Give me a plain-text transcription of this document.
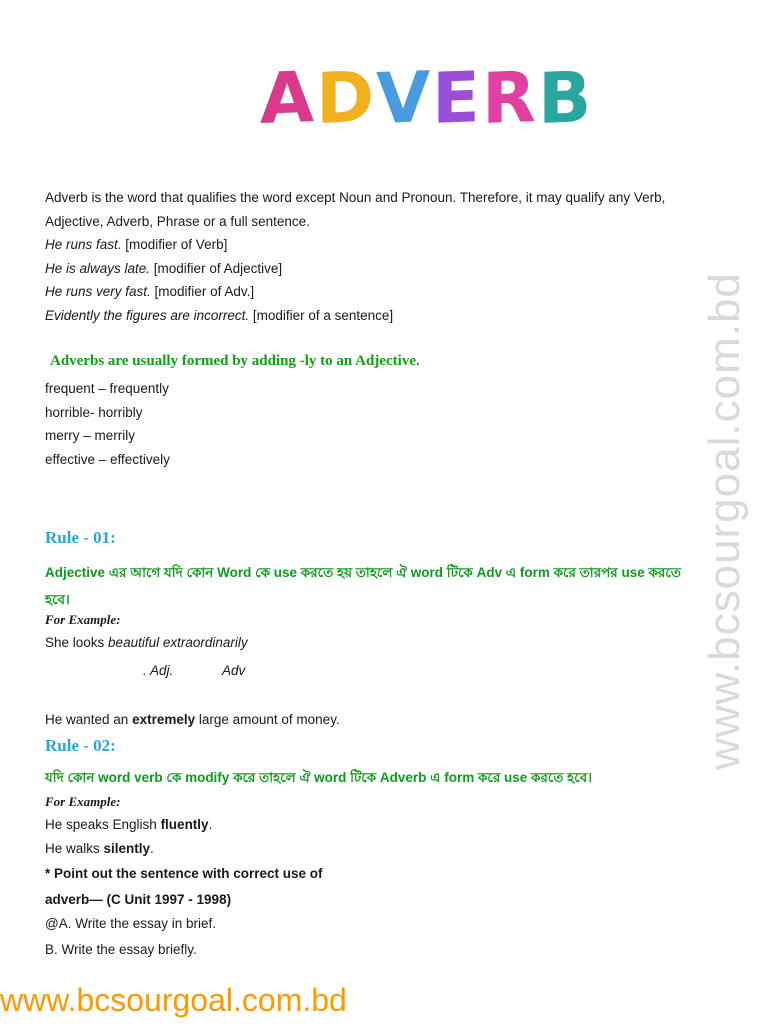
ADVERB
Adverb is the word that qualifies the word except Noun and Pronoun. Therefore, it may qualify any Verb,
Adjective, Adverb, Phrase or a full sentence.
He runs fast. [modifier of Verb]
He is always late. [modifier of Adjective]
He runs very fast. [modifier of Adv.]
Evidently the figures are incorrect. [modifier of a sentence]
Adverbs are usually formed by adding -ly to an Adjective.
frequent – frequently
horrible- horribly
merry – merrily
effective – effectively
Rule - 01:
Adjective এর আগে যদি কোন Word কে use করতে হয় তাহলে ঐ word টিকে Adv এ form করে তারপর use করতে
হবে।
For Example:
She looks beautiful extraordinarily
. Adj.	Adv
He wanted an extremely large amount of money.
Rule - 02:
যদি কোন word verb কে modify করে তাহলে ঐ word টিকে Adverb এ form করে use করতে হবে।
For Example:
He speaks English fluently.
He walks silently.
* Point out the sentence with correct use of
adverb— (C Unit 1997 - 1998)
@A. Write the essay in brief.
B. Write the essay briefly.
www.bcsourgoal.com.bd
www.bcsourgoal.com.bd
